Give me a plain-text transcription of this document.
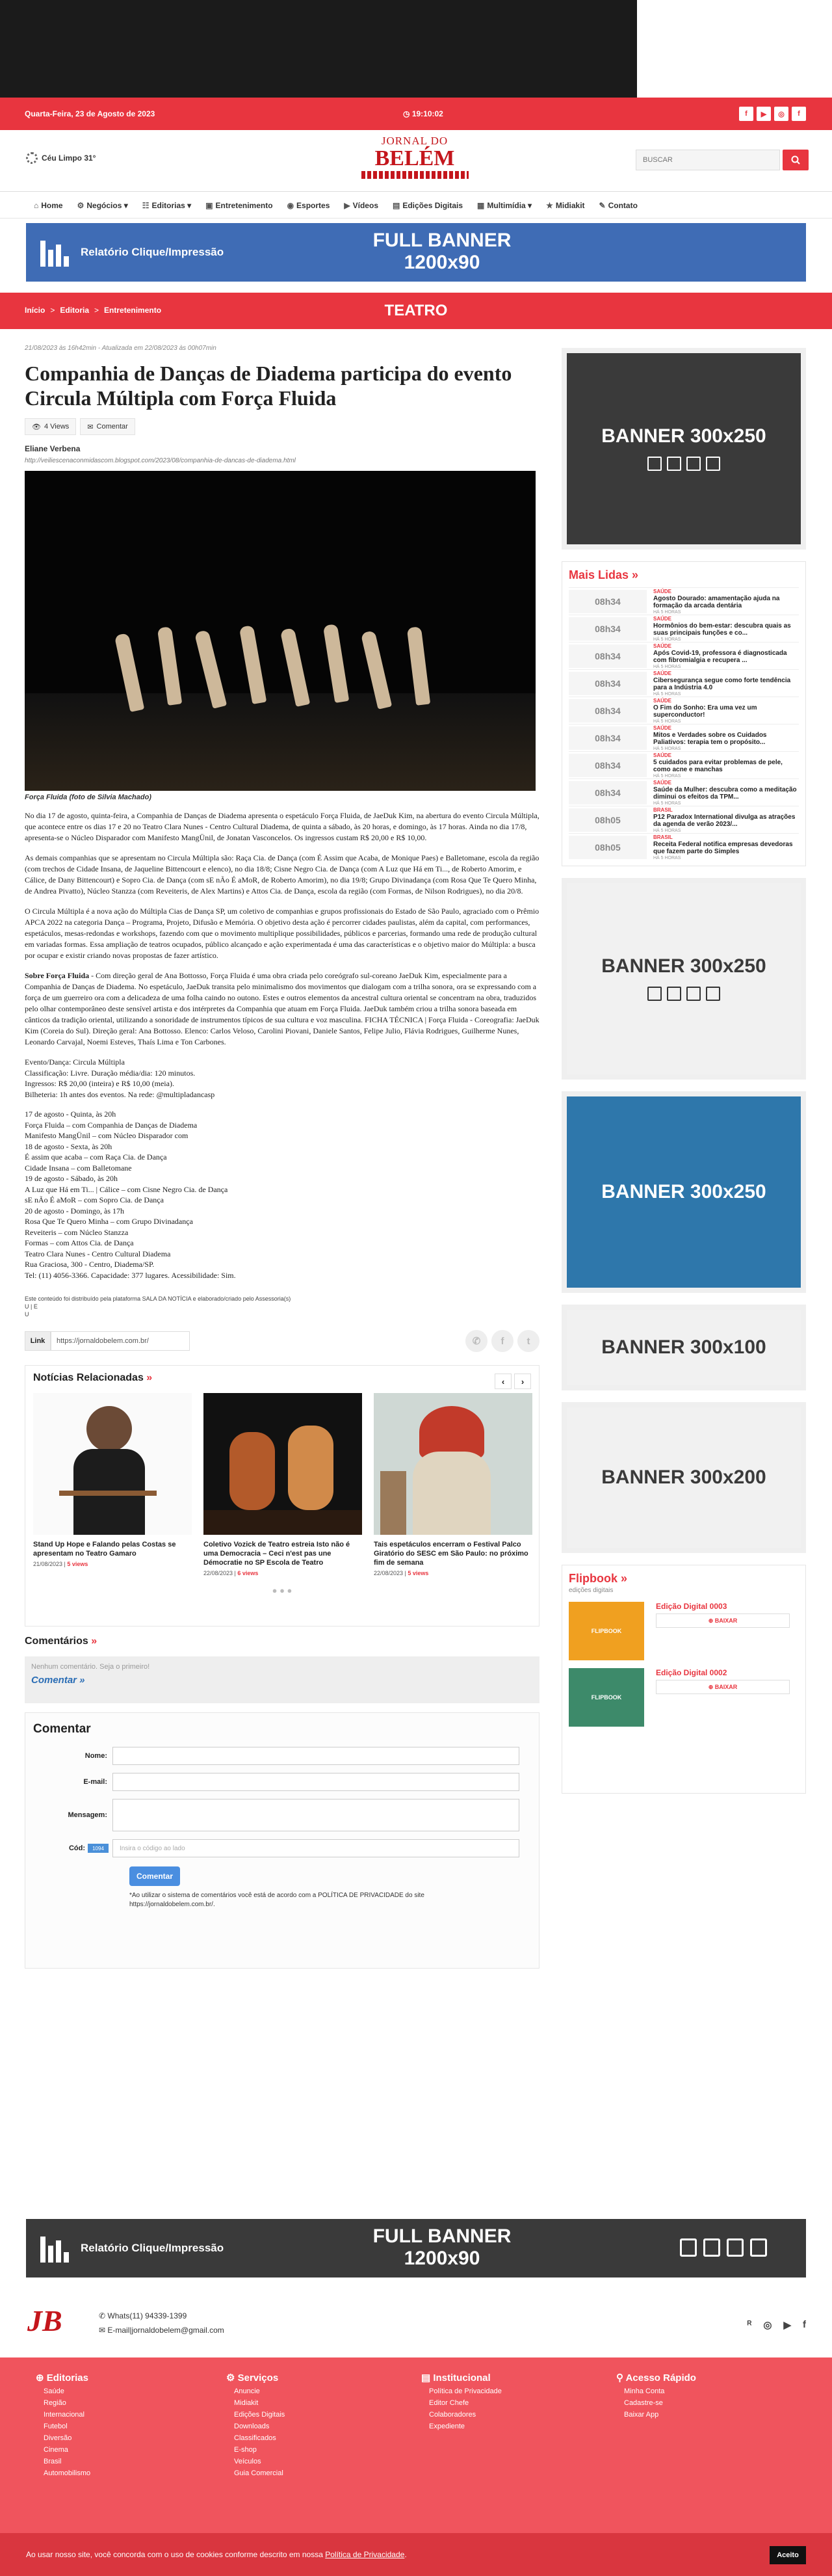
Quarta-Feira, 23 de Agosto de 2023	◷ 19:10:02	f	▶	◎	f
Céu Limpo 31°
JORNAL DO
BELÉM
BUSCAR
⌂ Home ⚙ Negócios ▾ ☷ Editorias ▾ ▣ Entretenimento ◉ Esportes ▶ Vídeos ▤ Edições Digitais ▦ Multimídia ▾ ★ Midiakit ✎ Contato
Relatório Clique/Impressão
FULL BANNER 1200x90
Início > Editoria > Entretenimento	TEATRO
21/08/2023 às 16h42min - Atualizada em 22/08/2023 às 00h07min
Companhia de Danças de Diadema participa do evento Circula Múltipla com Força Fluida
👁 4 Views	✉ Comentar
Eliane Verbena
http://veiliescenaconmidascom.blogspot.com/2023/08/companhia-de-dancas-de-diadema.html
Força Fluida (foto de Silvia Machado)

No dia 17 de agosto, quinta-feira, a Companhia de Danças de Diadema apresenta o espetáculo Força Fluida, de JaeDuk Kim, na abertura do evento Circula Múltipla, que acontece entre os dias 17 e 20 no Teatro Clara Nunes - Centro Cultural Diadema, de quinta a sábado, às 20 horas, e domingo, às 17 horas. Ainda no dia 17/8, apresenta-se o Núcleo Disparador com Manifesto MangÜnil, de Jonatan Vasconcelos. Os ingressos custam R$ 20,00 e R$ 10,00.

As demais companhias que se apresentam no Circula Múltipla são: Raça Cia. de Dança (com É Assim que Acaba, de Monique Paes) e Balletomane, escola da região (com trechos de Cidade Insana, de Jaqueline Bittencourt e elenco), no dia 18/8; Cisne Negro Cia. de Dança (com A Luz que Há em Ti..., de Roberto Amorim, e Cálice, de Dany Bittencourt) e Sopro Cia. de Dança (com sE nÃo É aMoR, de Roberto Amorim), no dia 19/8; Grupo Divinadança (com Rosa Que Te Quero Minha, de Andrea Pivatto), Núcleo Stanzza (com Reveiteris, de Alex Martins) e Attos Cia. de Dança, escola da região (com Formas, de Nilson Rodrigues), no dia 20/8.

O Circula Múltipla é a nova ação do Múltipla Cias de Dança SP, um coletivo de companhias e grupos profissionais do Estado de São Paulo, agraciado com o Prêmio APCA 2022 na categoria Dança – Programa, Projeto, Difusão e Memória. O objetivo desta ação é percorrer cidades paulistas, além da capital, com performances, espetáculos, mesas-redondas e workshops, fazendo com que o movimento multiplique possibilidades, públicos e parcerias, formando uma rede de produção cultural em variadas formas. Essa ampliação de teatros ocupados, público alcançado e ação experimentada é uma das características e o objetivo maior do Múltipla: a busca por ocupar e existir criando novas propostas de fazer artístico.

Sobre Força Fluida - Com direção geral de Ana Bottosso, Força Fluida é uma obra criada pelo coreógrafo sul-coreano JaeDuk Kim, especialmente para a Companhia de Danças de Diadema. No espetáculo, JaeDuk transita pelo minimalismo dos movimentos que dialogam com a trilha sonora, ora se expressando com a força de um guerreiro ora com a delicadeza de uma folha caindo no outono. Estes e outros elementos da ancestral cultura oriental se concentram na obra, traduzidos pelo olhar contemporâneo deste sensível artista e dos intérpretes da Companhia que atuam em Força Fluida. JaeDuk também criou a trilha sonora baseada em cânticos da tradição oriental, utilizando a sonoridade de instrumentos típicos de sua cultura e voz masculina. FICHA TÉCNICA | Força Fluida - Coreografia: JaeDuk Kim (Coreia do Sul). Direção geral: Ana Bottosso. Elenco: Carlos Veloso, Carolini Piovani, Daniele Santos, Felipe Julio, Flávia Rodrigues, Guilherme Nunes, Leonardo Carvajal, Noemi Esteves, Thaís Lima e Ton Carbones.

Evento/Dança: Circula Múltipla
Classificação: Livre. Duração média/dia: 120 minutos.
Ingressos: R$ 20,00 (inteira) e R$ 10,00 (meia).
Bilheteria: 1h antes dos eventos. Na rede: @multipladancasp
17 de agosto - Quinta, às 20h
Força Fluida – com Companhia de Danças de Diadema
Manifesto MangÜnil – com Núcleo Disparador com
18 de agosto - Sexta, às 20h
É assim que acaba – com Raça Cia. de Dança
Cidade Insana – com Balletomane
19 de agosto - Sábado, às 20h
A Luz que Há em Ti... | Cálice – com Cisne Negro Cia. de Dança
sE nÃo É aMoR – com Sopro Cia. de Dança
20 de agosto - Domingo, às 17h
Rosa Que Te Quero Minha – com Grupo Divinadança
Reveiteris – com Núcleo Stanzza
Formas – com Attos Cia. de Dança
Teatro Clara Nunes - Centro Cultural Diadema
Rua Graciosa, 300 - Centro, Diadema/SP.
Tel: (11) 4056-3366. Capacidade: 377 lugares. Acessibilidade: Sim.
Este conteúdo foi distribuído pela plataforma SALA DA NOTÍCIA e elaborado/criado pelo Assessoria(s)
U | E
U
Link	https://jornaldobelem.com.br/	✆	f	t
Notícias Relacionadas »	‹	›
Stand Up Hope e Falando pelas Costas se apresentam no Teatro Gamaro
21/08/2023 | 5 views
Coletivo Vozick de Teatro estreia Isto não é uma Democracia – Ceci n'est pas une Démocratie no SP Escola de Teatro
22/08/2023 | 6 views
Tais espetáculos encerram o Festival Palco Giratório do SESC em São Paulo: no próximo fim de semana
22/08/2023 | 5 views
● ● ●
Comentários »
Nenhum comentário. Seja o primeiro!
Comentar »
Comentar
Nome:
E-mail:
Mensagem:
Cód:	1094	Insira o código ao lado
Comentar
*Ao utilizar o sistema de comentários você está de acordo com a POLÍTICA DE PRIVACIDADE do site https://jornaldobelem.com.br/.
BANNER 300x250
Mais Lidas »
08h34
SAÚDE
Agosto Dourado: amamentação ajuda na formação da arcada dentária
HÁ 5 HORAS
08h34
SAÚDE
Hormônios do bem-estar: descubra quais as suas principais funções e co...
HÁ 5 HORAS
08h34
SAÚDE
Após Covid-19, professora é diagnosticada com fibromialgia e recupera ...
HÁ 5 HORAS
08h34
SAÚDE
Cibersegurança segue como forte tendência para a Indústria 4.0
HÁ 5 HORAS
08h34
SAÚDE
O Fim do Sonho: Era uma vez um superconductor!
HÁ 5 HORAS
08h34
SAÚDE
Mitos e Verdades sobre os Cuidados Paliativos: terapia tem o propósito...
HÁ 5 HORAS
08h34
SAÚDE
5 cuidados para evitar problemas de pele, como acne e manchas
HÁ 5 HORAS
08h34
SAÚDE
Saúde da Mulher: descubra como a meditação diminui os efeitos da TPM...
HÁ 5 HORAS
08h05
BRASIL
P12 Paradox International divulga as atrações da agenda de verão 2023/...
HÁ 5 HORAS
08h05
BRASIL
Receita Federal notifica empresas devedoras que fazem parte do Simples
HÁ 5 HORAS
BANNER 300x250
BANNER 300x250
BANNER 300x100
BANNER 300x200
Flipbook »
edições digitais
FLIPBOOK
Edição Digital 0003
⊕ BAIXAR
FLIPBOOK
Edição Digital 0002
⊕ BAIXAR
Relatório Clique/Impressão
FULL BANNER 1200x90
JB	✆ Whats(11) 94339-1399
✉ E-mail|jornaldobelem@gmail.com	ᴿ ◎ ▶ f
⊕ Editorias
Saúde
Região
Internacional
Futebol
Diversão
Cinema
Brasil
Automobilismo
⚙ Serviços
Anuncie
Midiakit
Edições Digitais
Downloads
Classificados
E-shop
Veículos
Guia Comercial
▤ Institucional
Política de Privacidade
Editor Chefe
Colaboradores
Expediente
⚲ Acesso Rápido
Minha Conta
Cadastre-se
Baixar App
Ao usar nosso site, você concorda com o uso de cookies conforme descrito em nossa Política de Privacidade.	Aceito
